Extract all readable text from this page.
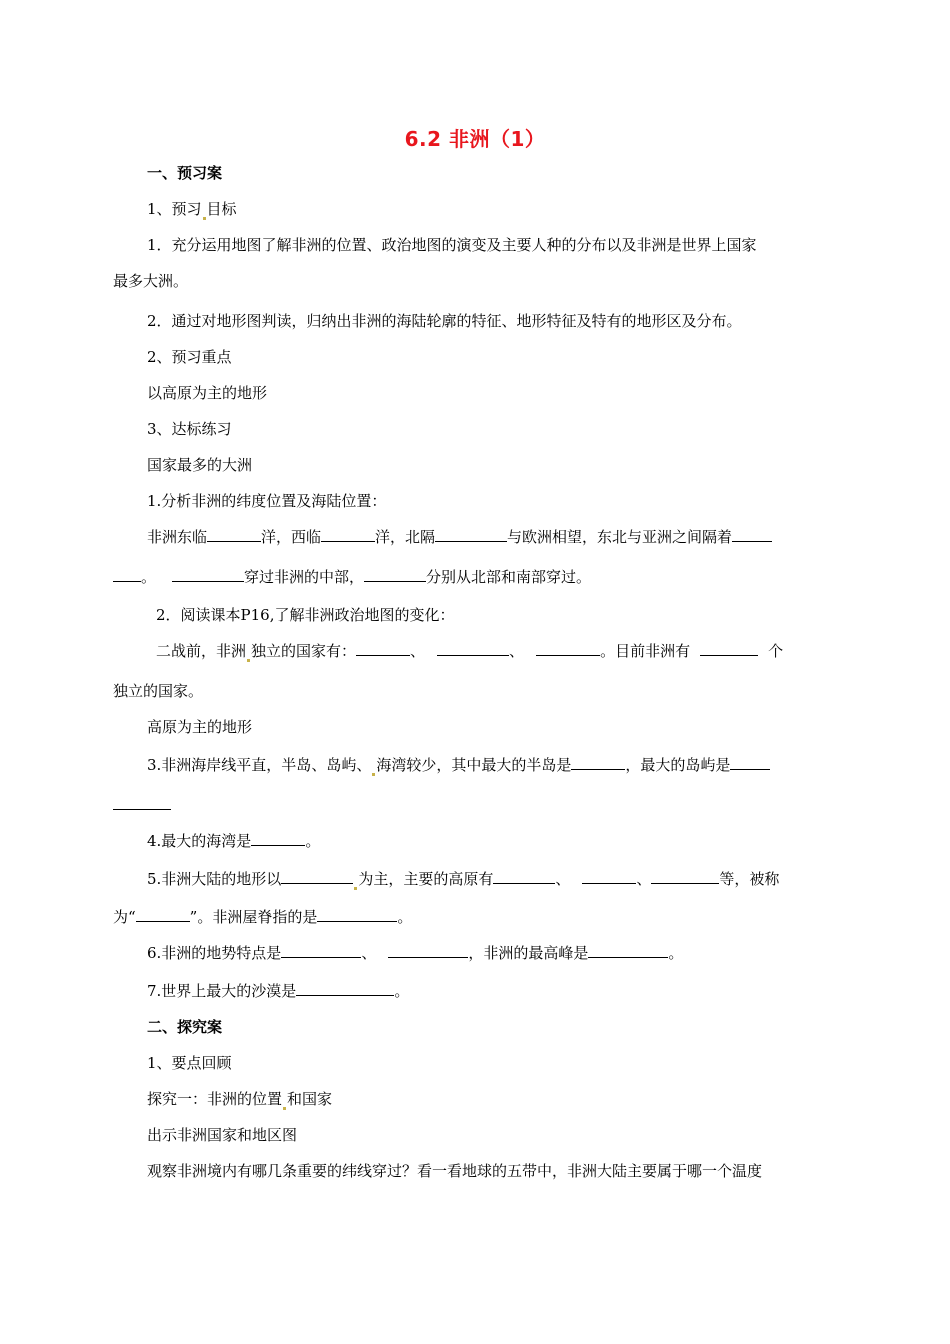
6.2 非洲（1）
一、预习案
1、预习 目标
1．充分运用地图了解非洲的位置、政治地图的演变及主要人种的分布以及非洲是世界上国家
最多大洲。
2．通过对地形图判读，归纳出非洲的海陆轮廓的特征、地形特征及特有的地形区及分布。
2、预习重点
以高原为主的地形
3、达标练习
国家最多的大洲
1.分析非洲的纬度位置及海陆位置：
非洲东临	洋，西临	洋，北隔	与欧洲相望，东北与亚洲之间隔着
。	穿过非洲的中部，	分别从北部和南部穿过。
2．阅读课本P16,了解非洲政治地图的变化：
二战前，非洲 独立的国家有：	、	、	。目前非洲有	个
独立的国家。
高原为主的地形
3.非洲海岸线平直，半岛、岛屿、 海湾较少，其中最大的半岛是	，最大的岛屿是
4.最大的海湾是	。
5.非洲大陆的地形以	为主，主要的高原有	、	、	等，被称
为“	”。非洲屋脊指的是	。
6.非洲的地势特点是	、	，非洲的最高峰是	。
7.世界上最大的沙漠是	。
二、探究案
1、要点回顾
探究一：非洲的位置 和国家
出示非洲国家和地区图
观察非洲境内有哪几条重要的纬线穿过？看一看地球的五带中，非洲大陆主要属于哪一个温度
